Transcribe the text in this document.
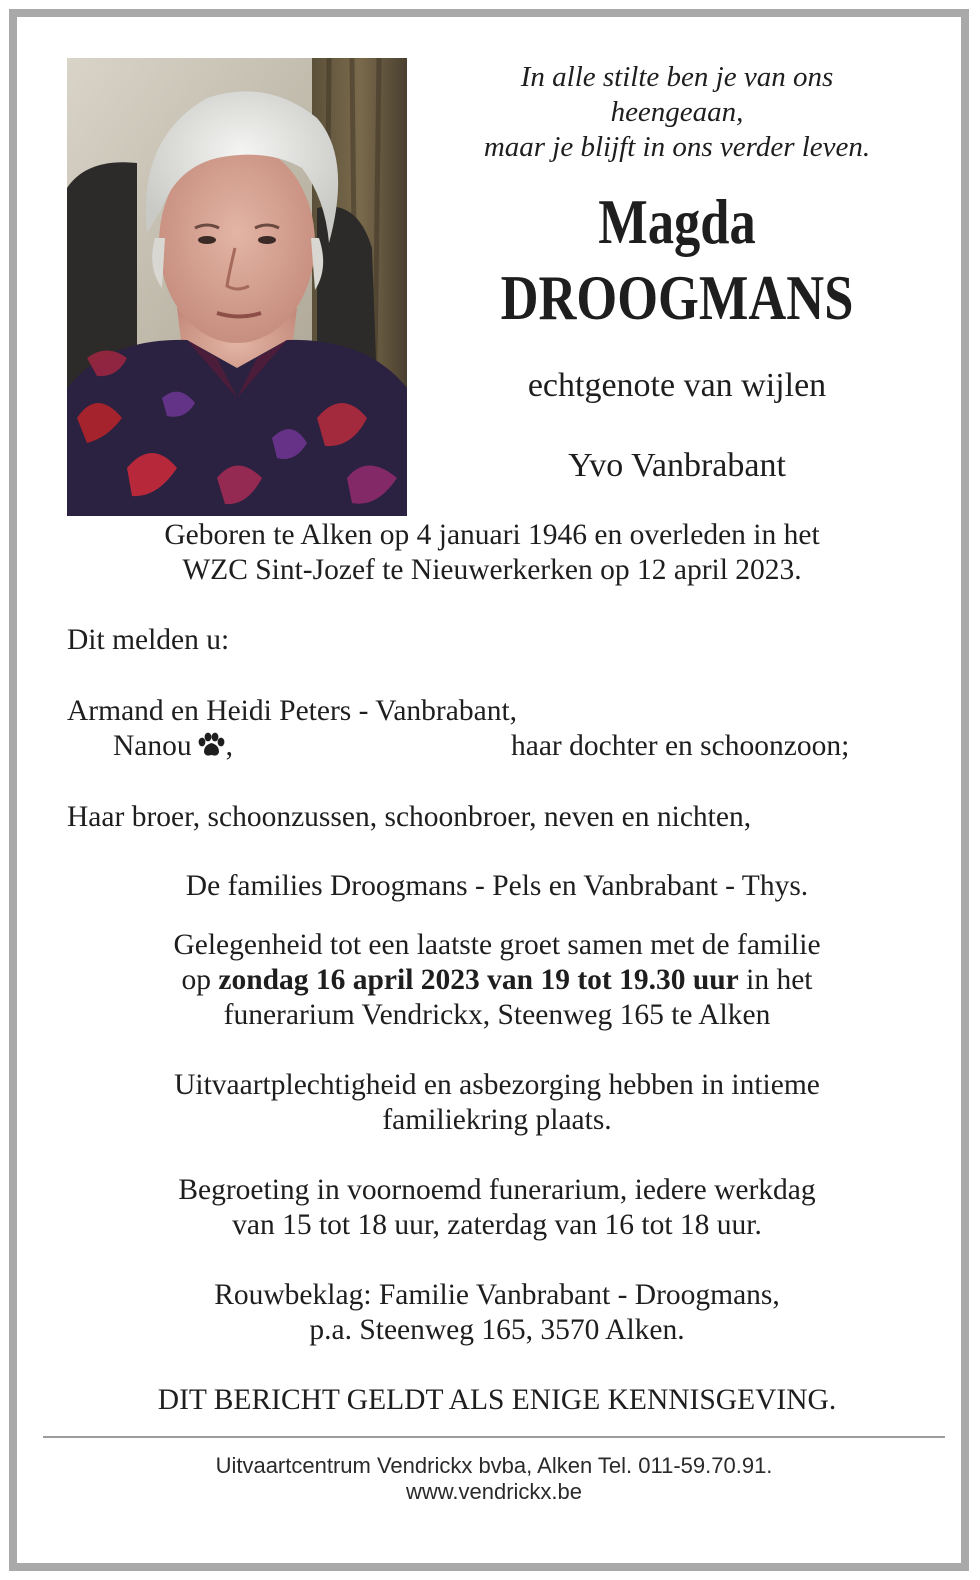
In alle stilte ben je van ons
heengeaan,
maar je blijft in ons verder leven.
Magda
DROOGMANS
echtgenote van wijlen
Yvo Vanbrabant
Geboren te Alken op 4 januari 1946 en overleden in het
WZC Sint-Jozef te Nieuwerkerken op 12 april 2023.
Dit melden u:
Armand en Heidi Peters - Vanbrabant,
Nanou ,	haar dochter en schoonzoon;
Haar broer, schoonzussen, schoonbroer, neven en nichten,
De families Droogmans - Pels en Vanbrabant - Thys.
Gelegenheid tot een laatste groet samen met de familie
op zondag 16 april 2023 van 19 tot 19.30 uur in het
funerarium Vendrickx, Steenweg 165 te Alken
Uitvaartplechtigheid en asbezorging hebben in intieme
familiekring plaats.
Begroeting in voornoemd funerarium, iedere werkdag
van 15 tot 18 uur, zaterdag van 16 tot 18 uur.
Rouwbeklag: Familie Vanbrabant - Droogmans,
p.a. Steenweg 165, 3570 Alken.
DIT BERICHT GELDT ALS ENIGE KENNISGEVING.
Uitvaartcentrum Vendrickx bvba, Alken Tel. 011-59.70.91.
www.vendrickx.be
